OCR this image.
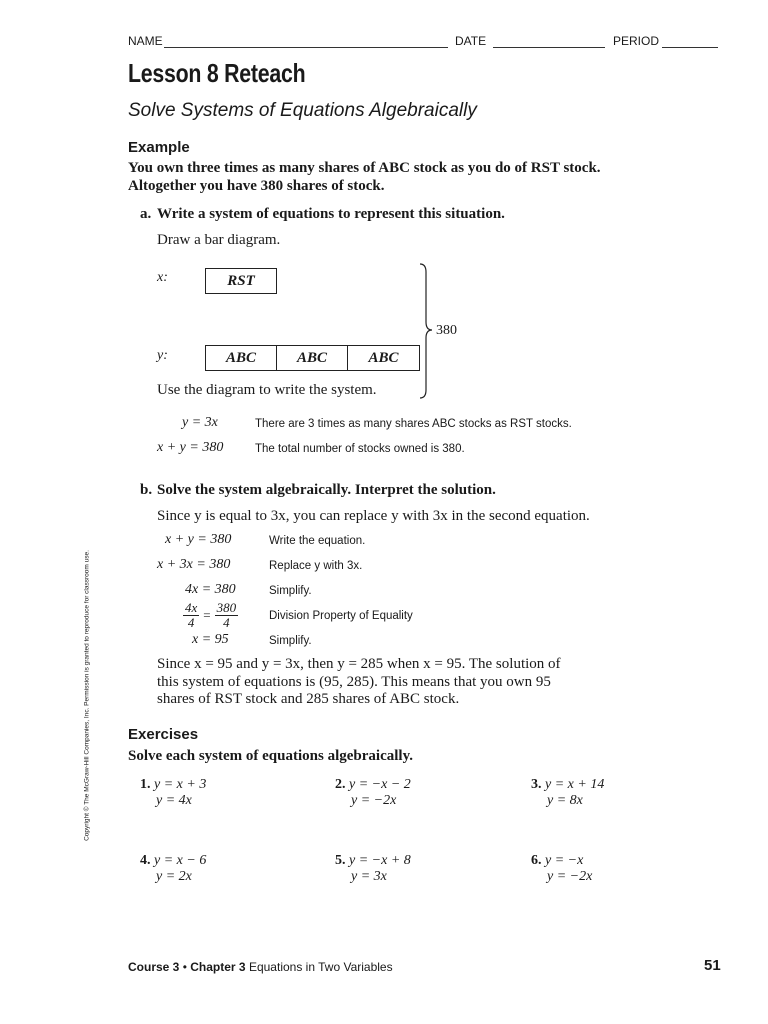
NAME	DATE	PERIOD
Lesson 8 Reteach
Solve Systems of Equations Algebraically
Example
You own three times as many shares of ABC stock as you do of RST stock.
Altogether you have 380 shares of stock.
a. Write a system of equations to represent this situation.
Draw a bar diagram.
x:	RST
y:	ABC	ABC	ABC
380
Use the diagram to write the system.
y = 3x	There are 3 times as many shares ABC stocks as RST stocks.
x + y = 380	The total number of stocks owned is 380.
b. Solve the system algebraically. Interpret the solution.
Since y is equal to 3x, you can replace y with 3x in the second equation.
x + y = 380	Write the equation.
x + 3x = 380	Replace y with 3x.
4x = 380	Simplify.
$\frac{4x}{4} = \frac{380}{4}$	Division Property of Equality
x = 95	Simplify.
Since x = 95 and y = 3x, then y = 285 when x = 95. The solution of
this system of equations is (95, 285). This means that you own 95
shares of RST stock and 285 shares of ABC stock.
Exercises
Solve each system of equations algebraically.
1. y = x + 3
y = 4x
2. y = −x − 2
y = −2x
3. y = x + 14
y = 8x
4. y = x − 6
y = 2x
5. y = −x + 8
y = 3x
6. y = −x
y = −2x
Copyright © The McGraw-Hill Companies, Inc. Permission is granted to reproduce for classroom use.
Course 3 • Chapter 3 Equations in Two Variables	51
